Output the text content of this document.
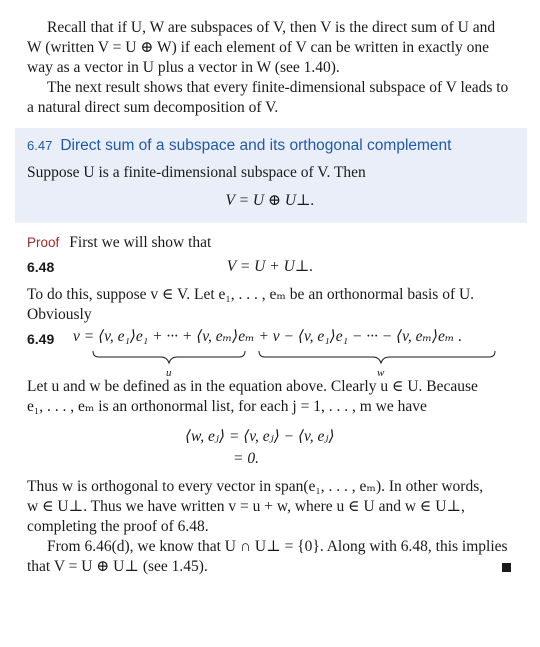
Recall that if U, W are subspaces of V, then V is the direct sum of U and
W (written V = U ⊕ W) if each element of V can be written in exactly one
way as a vector in U plus a vector in W (see 1.40).

The next result shows that every finite-dimensional subspace of V leads to
a natural direct sum decomposition of V.

6.47 Direct sum of a subspace and its orthogonal complement

Suppose U is a finite-dimensional subspace of V. Then

V = U ⊕ U⊥.

Proof First we will show that

6.48	V = U + U⊥.

To do this, suppose v ∈ V. Let e₁, . . . , eₘ be an orthonormal basis of U.
Obviously

6.49 v = ⟨v, e₁⟩e₁ + ··· + ⟨v, eₘ⟩eₘ + v − ⟨v, e₁⟩e₁ − ··· − ⟨v, eₘ⟩eₘ .
u	w

Let u and w be defined as in the equation above. Clearly u ∈ U. Because
e₁, . . . , eₘ is an orthonormal list, for each j = 1, . . . , m we have

⟨w, eⱼ⟩ = ⟨v, eⱼ⟩ − ⟨v, eⱼ⟩
= 0.

Thus w is orthogonal to every vector in span(e₁, . . . , eₘ). In other words,
w ∈ U⊥. Thus we have written v = u + w, where u ∈ U and w ∈ U⊥,
completing the proof of 6.48.

From 6.46(d), we know that U ∩ U⊥ = {0}. Along with 6.48, this implies
that V = U ⊕ U⊥ (see 1.45).
